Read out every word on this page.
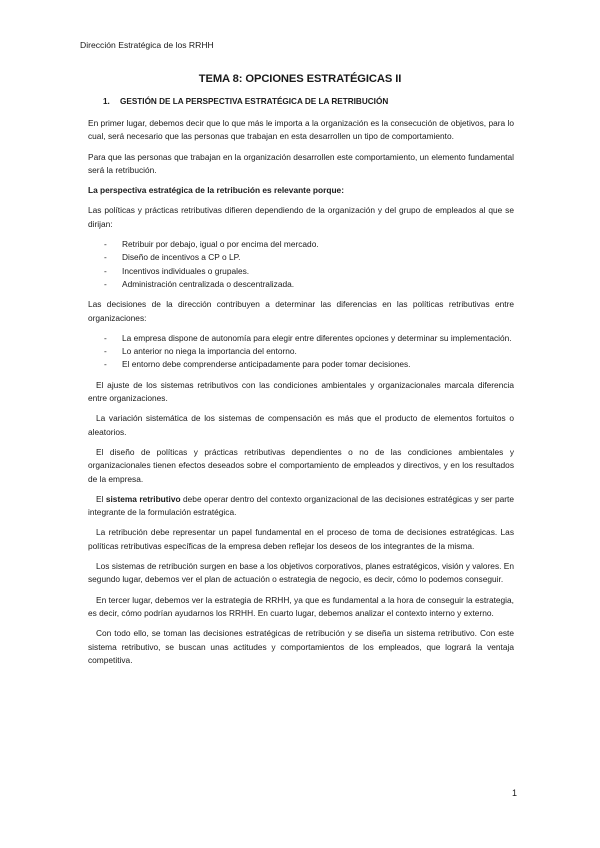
Dirección Estratégica de los RRHH
TEMA 8: OPCIONES ESTRATÉGICAS II
1. GESTIÓN DE LA PERSPECTIVA ESTRATÉGICA DE LA RETRIBUCIÓN

En primer lugar, debemos decir que lo que más le importa a la organización es la consecución de objetivos, para lo cual, será necesario que las personas que trabajan en esta desarrollen un tipo de comportamiento.

Para que las personas que trabajan en la organización desarrollen este comportamiento, un elemento fundamental será la retribución.

La perspectiva estratégica de la retribución es relevante porque:

Las políticas y prácticas retributivas difieren dependiendo de la organización y del grupo de empleados al que se dirijan:

- Retribuir por debajo, igual o por encima del mercado.
- Diseño de incentivos a CP o LP.
- Incentivos individuales o grupales.
- Administración centralizada o descentralizada.

Las decisiones de la dirección contribuyen a determinar las diferencias en las políticas retributivas entre organizaciones:

- La empresa dispone de autonomía para elegir entre diferentes opciones y determinar su implementación.
- Lo anterior no niega la importancia del entorno.
- El entorno debe comprenderse anticipadamente para poder tomar decisiones.

El ajuste de los sistemas retributivos con las condiciones ambientales y organizacionales marcala diferencia entre organizaciones.

La variación sistemática de los sistemas de compensación es más que el producto de elementos fortuitos o aleatorios.

El diseño de políticas y prácticas retributivas dependientes o no de las condiciones ambientales y organizacionales tienen efectos deseados sobre el comportamiento de empleados y directivos, y en los resultados de la empresa.

El sistema retributivo debe operar dentro del contexto organizacional de las decisiones estratégicas y ser parte integrante de la formulación estratégica.

La retribución debe representar un papel fundamental en el proceso de toma de decisiones estratégicas. Las políticas retributivas específicas de la empresa deben reflejar los deseos de los integrantes de la misma.

Los sistemas de retribución surgen en base a los objetivos corporativos, planes estratégicos, visión y valores. En segundo lugar, debemos ver el plan de actuación o estrategia de negocio, es decir, cómo lo podemos conseguir.

En tercer lugar, debemos ver la estrategia de RRHH, ya que es fundamental a la hora de conseguir la estrategia, es decir, cómo podrían ayudarnos los RRHH. En cuarto lugar, debemos analizar el contexto interno y externo.

Con todo ello, se toman las decisiones estratégicas de retribución y se diseña un sistema retributivo. Con este sistema retributivo, se buscan unas actitudes y comportamientos de los empleados, que logrará la ventaja competitiva.

1
